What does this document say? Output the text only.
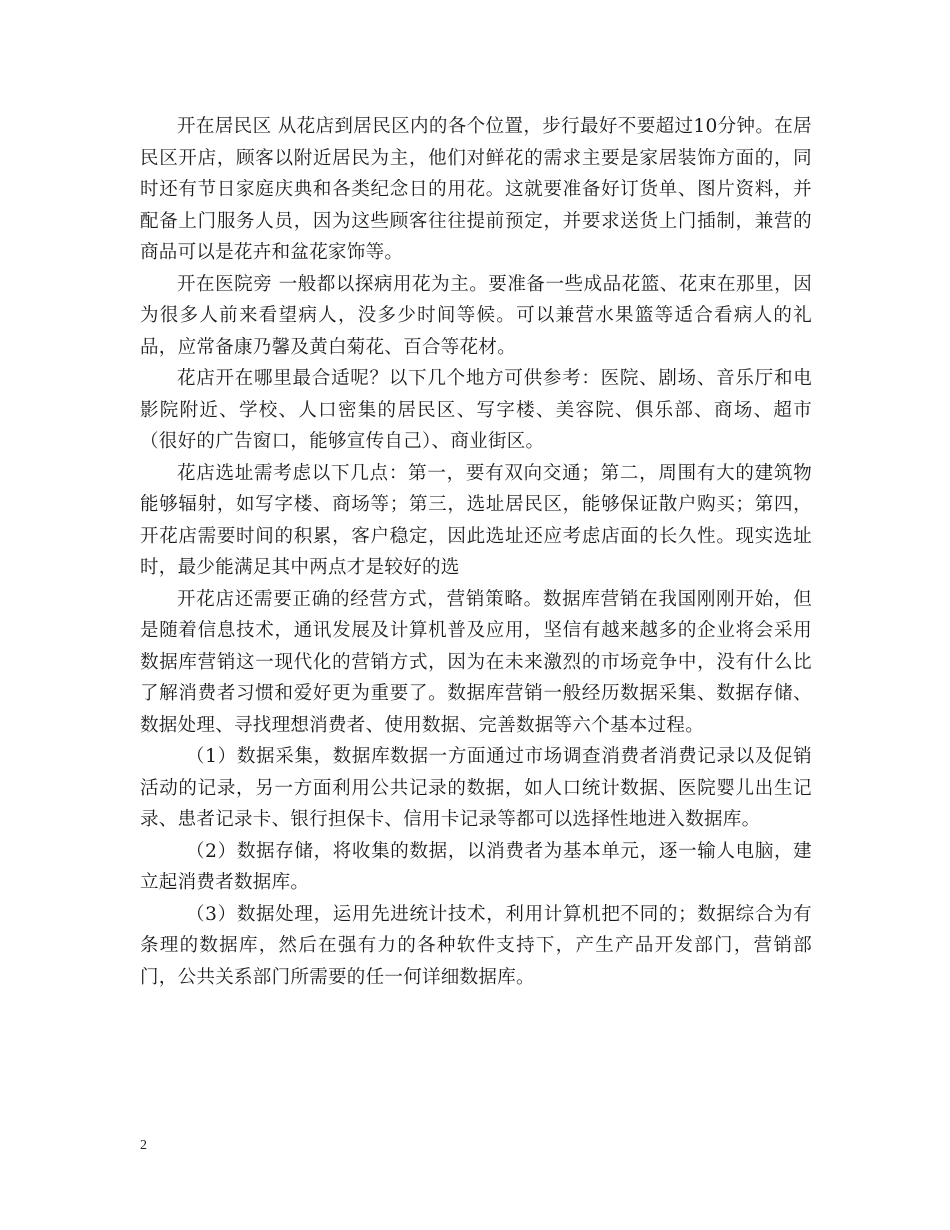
开在居民区 从花店到居民区内的各个位置，步行最好不要超过10分钟。在居民区开店，顾客以附近居民为主，他们对鲜花的需求主要是家居装饰方面的，同时还有节日家庭庆典和各类纪念日的用花。这就要准备好订货单、图片资料，并配备上门服务人员，因为这些顾客往往提前预定，并要求送货上门插制，兼营的商品可以是花卉和盆花家饰等。

开在医院旁 一般都以探病用花为主。要准备一些成品花篮、花束在那里，因为很多人前来看望病人，没多少时间等候。可以兼营水果篮等适合看病人的礼品，应常备康乃馨及黄白菊花、百合等花材。

花店开在哪里最合适呢？以下几个地方可供参考：医院、剧场、音乐厅和电影院附近、学校、人口密集的居民区、写字楼、美容院、俱乐部、商场、超市（很好的广告窗口，能够宣传自己）、商业街区。

花店选址需考虑以下几点：第一，要有双向交通；第二，周围有大的建筑物能够辐射，如写字楼、商场等；第三，选址居民区，能够保证散户购买；第四，开花店需要时间的积累，客户稳定，因此选址还应考虑店面的长久性。现实选址时，最少能满足其中两点才是较好的选

开花店还需要正确的经营方式，营销策略。数据库营销在我国刚刚开始，但是随着信息技术，通讯发展及计算机普及应用，坚信有越来越多的企业将会采用数据库营销这一现代化的营销方式，因为在未来激烈的市场竞争中，没有什么比了解消费者习惯和爱好更为重要了。数据库营销一般经历数据采集、数据存储、数据处理、寻找理想消费者、使用数据、完善数据等六个基本过程。

（1）数据采集，数据库数据一方面通过市场调查消费者消费记录以及促销活动的记录，另一方面利用公共记录的数据，如人口统计数据、医院婴儿出生记录、患者记录卡、银行担保卡、信用卡记录等都可以选择性地进入数据库。

（2）数据存储，将收集的数据，以消费者为基本单元，逐一输人电脑，建立起消费者数据库。

（3）数据处理，运用先进统计技术，利用计算机把不同的；数据综合为有条理的数据库，然后在强有力的各种软件支持下，产生产品开发部门，营销部门，公共关系部门所需要的任一何详细数据库。

2
